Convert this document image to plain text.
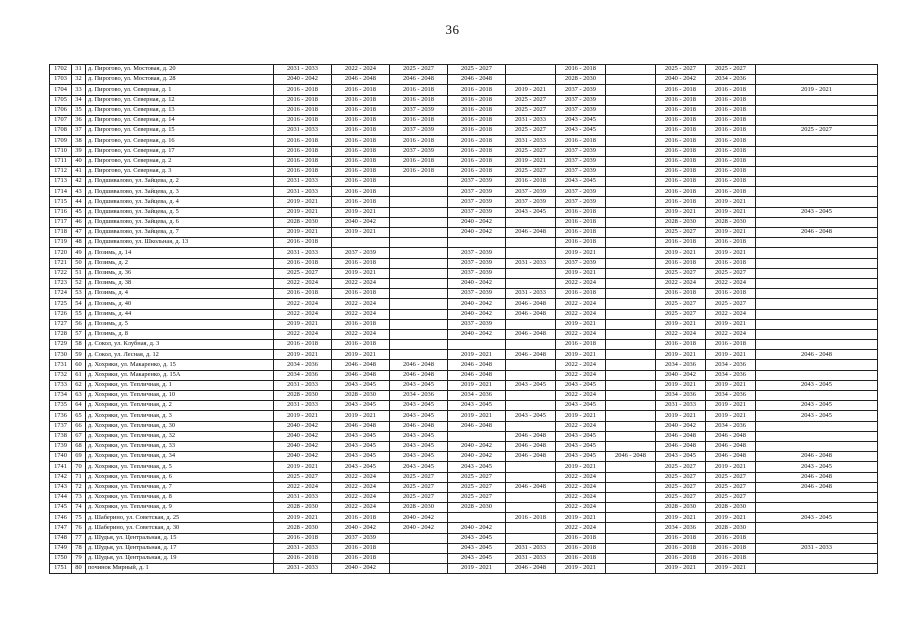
36
1702	31	д. Пирогово, ул. Мостовая, д. 20	2031 - 2033	2022 - 2024	2025 - 2027	2025 - 2027		2016 - 2018		2025 - 2027	2025 - 2027	
1703	32	д. Пирогово, ул. Мостовая, д. 28	2040 - 2042	2046 - 2048	2046 - 2048	2046 - 2048		2028 - 2030		2040 - 2042	2034 - 2036	
1704	33	д. Пирогово, ул. Северная, д. 1	2016 - 2018	2016 - 2018	2016 - 2018	2016 - 2018	2019 - 2021	2037 - 2039		2016 - 2018	2016 - 2018	2019 - 2021
1705	34	д. Пирогово, ул. Северная, д. 12	2016 - 2018	2016 - 2018	2016 - 2018	2016 - 2018	2025 - 2027	2037 - 2039		2016 - 2018	2016 - 2018	
1706	35	д. Пирогово, ул. Северная, д. 13	2016 - 2018	2016 - 2018	2037 - 2039	2016 - 2018	2025 - 2027	2037 - 2039		2016 - 2018	2016 - 2018	
1707	36	д. Пирогово, ул. Северная, д. 14	2016 - 2018	2016 - 2018	2016 - 2018	2016 - 2018	2031 - 2033	2043 - 2045		2016 - 2018	2016 - 2018	
1708	37	д. Пирогово, ул. Северная, д. 15	2031 - 2033	2016 - 2018	2037 - 2039	2016 - 2018	2025 - 2027	2043 - 2045		2016 - 2018	2016 - 2018	2025 - 2027
1709	38	д. Пирогово, ул. Северная, д. 16	2016 - 2018	2016 - 2018	2016 - 2018	2016 - 2018	2031 - 2033	2016 - 2018		2016 - 2018	2016 - 2018	
1710	39	д. Пирогово, ул. Северная, д. 17	2016 - 2018	2016 - 2018	2037 - 2039	2016 - 2018	2025 - 2027	2037 - 2039		2016 - 2018	2016 - 2018	
1711	40	д. Пирогово, ул. Северная, д. 2	2016 - 2018	2016 - 2018	2016 - 2018	2016 - 2018	2019 - 2021	2037 - 2039		2016 - 2018	2016 - 2018	
1712	41	д. Пирогово, ул. Северная, д. 3	2016 - 2018	2016 - 2018	2016 - 2018	2016 - 2018	2025 - 2027	2037 - 2039		2016 - 2018	2016 - 2018	
1713	42	д. Подшивалово, ул. Зайцева, д. 2	2031 - 2033	2016 - 2018		2037 - 2039	2016 - 2018	2043 - 2045		2016 - 2018	2016 - 2018	
1714	43	д. Подшивалово, ул. Зайцева, д. 3	2031 - 2033	2016 - 2018		2037 - 2039	2037 - 2039	2037 - 2039		2016 - 2018	2016 - 2018	
1715	44	д. Подшивалово, ул. Зайцева, д. 4	2019 - 2021	2016 - 2018		2037 - 2039	2037 - 2039	2037 - 2039		2016 - 2018	2019 - 2021	
1716	45	д. Подшивалово, ул. Зайцева, д. 5	2019 - 2021	2019 - 2021		2037 - 2039	2043 - 2045	2016 - 2018		2019 - 2021	2019 - 2021	2043 - 2045
1717	46	д. Подшивалово, ул. Зайцева, д. 6	2028 - 2030	2040 - 2042		2040 - 2042		2016 - 2018		2028 - 2030	2028 - 2030	
1718	47	д. Подшивалово, ул. Зайцева, д. 7	2019 - 2021	2019 - 2021		2040 - 2042	2046 - 2048	2016 - 2018		2025 - 2027	2019 - 2021	2046 - 2048
1719	48	д. Подшивалово, ул. Школьная, д. 13	2016 - 2018					2016 - 2018		2016 - 2018	2016 - 2018	
1720	49	д. Позимь, д. 14	2031 - 2033	2037 - 2039		2037 - 2039		2019 - 2021		2019 - 2021	2019 - 2021	
1721	50	д. Позимь, д. 2	2016 - 2018	2016 - 2018		2037 - 2039	2031 - 2033	2037 - 2039		2016 - 2018	2016 - 2018	
1722	51	д. Позимь, д. 36	2025 - 2027	2019 - 2021		2037 - 2039		2019 - 2021		2025 - 2027	2025 - 2027	
1723	52	д. Позимь, д. 38	2022 - 2024	2022 - 2024		2040 - 2042		2022 - 2024		2022 - 2024	2022 - 2024	
1724	53	д. Позимь, д. 4	2016 - 2018	2016 - 2018		2037 - 2039	2031 - 2033	2016 - 2018		2016 - 2018	2016 - 2018	
1725	54	д. Позимь, д. 40	2022 - 2024	2022 - 2024		2040 - 2042	2046 - 2048	2022 - 2024		2025 - 2027	2025 - 2027	
1726	55	д. Позимь, д. 44	2022 - 2024	2022 - 2024		2040 - 2042	2046 - 2048	2022 - 2024		2025 - 2027	2022 - 2024	
1727	56	д. Позимь, д. 5	2019 - 2021	2016 - 2018		2037 - 2039		2019 - 2021		2019 - 2021	2019 - 2021	
1728	57	д. Позимь, д. 8	2022 - 2024	2022 - 2024		2040 - 2042	2046 - 2048	2022 - 2024		2022 - 2024	2022 - 2024	
1729	58	д. Сокол, ул. Клубная, д. 3	2016 - 2018	2016 - 2018				2016 - 2018		2016 - 2018	2016 - 2018	
1730	59	д. Сокол, ул. Лесная, д. 12	2019 - 2021	2019 - 2021		2019 - 2021	2046 - 2048	2019 - 2021		2019 - 2021	2019 - 2021	2046 - 2048
1731	60	д. Хохряки, ул. Макаренко, д. 15	2034 - 2036	2046 - 2048	2046 - 2048	2046 - 2048		2022 - 2024		2034 - 2036	2034 - 2036	
1732	61	д. Хохряки, ул. Макаренко, д. 15А	2034 - 2036	2046 - 2048	2046 - 2048	2046 - 2048		2022 - 2024		2040 - 2042	2034 - 2036	
1733	62	д. Хохряки, ул. Тепличная, д. 1	2031 - 2033	2043 - 2045	2043 - 2045	2019 - 2021	2043 - 2045	2043 - 2045		2019 - 2021	2019 - 2021	2043 - 2045
1734	63	д. Хохряки, ул. Тепличная, д. 10	2028 - 2030	2028 - 2030	2034 - 2036	2034 - 2036		2022 - 2024		2034 - 2036	2034 - 2036	
1735	64	д. Хохряки, ул. Тепличная, д. 2	2031 - 2033	2043 - 2045	2043 - 2045	2043 - 2045		2043 - 2045		2031 - 2033	2019 - 2021	2043 - 2045
1736	65	д. Хохряки, ул. Тепличная, д. 3	2019 - 2021	2019 - 2021	2043 - 2045	2019 - 2021	2043 - 2045	2019 - 2021		2019 - 2021	2019 - 2021	2043 - 2045
1737	66	д. Хохряки, ул. Тепличная, д. 30	2040 - 2042	2046 - 2048	2046 - 2048	2046 - 2048		2022 - 2024		2040 - 2042	2034 - 2036	
1738	67	д. Хохряки, ул. Тепличная, д. 32	2040 - 2042	2043 - 2045	2043 - 2045		2046 - 2048	2043 - 2045		2046 - 2048	2046 - 2048	
1739	68	д. Хохряки, ул. Тепличная, д. 33	2040 - 2042	2043 - 2045	2043 - 2045	2040 - 2042	2046 - 2048	2043 - 2045		2046 - 2048	2046 - 2048	
1740	69	д. Хохряки, ул. Тепличная, д. 34	2040 - 2042	2043 - 2045	2043 - 2045	2040 - 2042	2046 - 2048	2043 - 2045	2046 - 2048	2043 - 2045	2046 - 2048	2046 - 2048
1741	70	д. Хохряки, ул. Тепличная, д. 5	2019 - 2021	2043 - 2045	2043 - 2045	2043 - 2045		2019 - 2021		2025 - 2027	2019 - 2021	2043 - 2045
1742	71	д. Хохряки, ул. Тепличная, д. 6	2025 - 2027	2022 - 2024	2025 - 2027	2025 - 2027		2022 - 2024		2025 - 2027	2025 - 2027	2046 - 2048
1743	72	д. Хохряки, ул. Тепличная, д. 7	2022 - 2024	2022 - 2024	2025 - 2027	2025 - 2027	2046 - 2048	2022 - 2024		2025 - 2027	2025 - 2027	2046 - 2048
1744	73	д. Хохряки, ул. Тепличная, д. 8	2031 - 2033	2022 - 2024	2025 - 2027	2025 - 2027		2022 - 2024		2025 - 2027	2025 - 2027	
1745	74	д. Хохряки, ул. Тепличная, д. 9	2028 - 2030	2022 - 2024	2028 - 2030	2028 - 2030		2022 - 2024		2028 - 2030	2028 - 2030	
1746	75	д. Шаберино, ул. Советская, д. 25	2019 - 2021	2016 - 2018	2040 - 2042		2016 - 2018	2019 - 2021		2019 - 2021	2019 - 2021	2043 - 2045
1747	76	д. Шаберино, ул. Советская, д. 30	2028 - 2030	2040 - 2042	2040 - 2042	2040 - 2042		2022 - 2024		2034 - 2036	2028 - 2030	
1748	77	д. Шудья, ул. Центральная, д. 15	2016 - 2018	2037 - 2039		2043 - 2045		2016 - 2018		2016 - 2018	2016 - 2018	
1749	78	д. Шудья, ул. Центральная, д. 17	2031 - 2033	2016 - 2018		2043 - 2045	2031 - 2033	2016 - 2018		2016 - 2018	2016 - 2018	2031 - 2033
1750	79	д. Шудья, ул. Центральная, д. 19	2016 - 2018	2016 - 2018		2043 - 2045	2031 - 2033	2016 - 2018		2016 - 2018	2016 - 2018	
1751	80	починок Мирный, д. 1	2031 - 2033	2040 - 2042		2019 - 2021	2046 - 2048	2019 - 2021		2019 - 2021	2019 - 2021	
